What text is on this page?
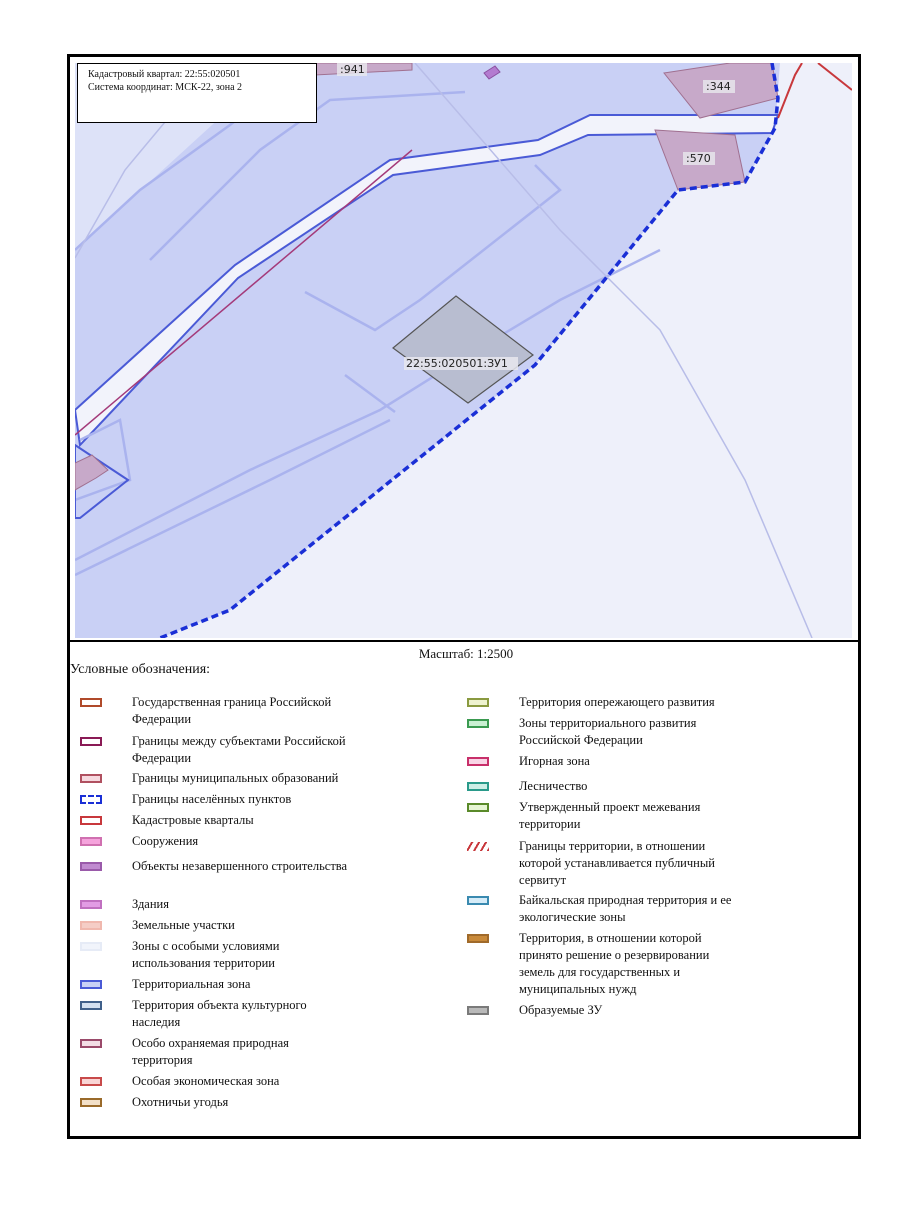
:941
:344
:570
22:55:020501:ЗУ1
Кадастровый квартал: 22:55:020501
Система координат: МСК-22, зона 2
Масштаб: 1:2500
Условные обозначения:
Государственная граница Российской Федерации
Границы между субъектами Российской Федерации
Границы муниципальных образований
Границы населённых пунктов
Кадастровые кварталы
Сооружения
Объекты незавершенного строительства
Здания
Земельные участки
Зоны с особыми условиями использования территории
Территориальная зона
Территория объекта культурного наследия
Особо охраняемая природная территория
Особая экономическая зона
Охотничьи угодья
Территория опережающего развития
Зоны территориального развития Российской Федерации
Игорная зона
Лесничество
Утвержденный проект межевания территории
Границы территории, в отношении которой устанавливается публичный сервитут
Байкальская природная территория и ее экологические зоны
Территория, в отношении которой принято решение о резервировании земель для государственных и муниципальных нужд
Образуемые ЗУ
